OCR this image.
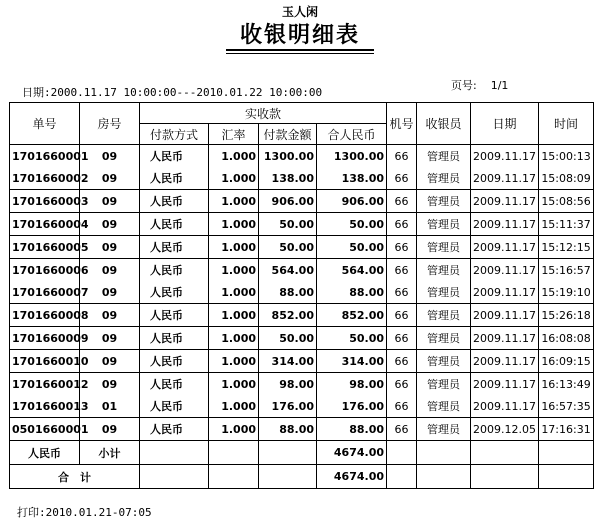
玉人闲
收银明细表
日期:2000.11.17 10:00:00---2010.01.22 10:00:00
页号: 1/1
单号	房号	实收款				机号	收银员	日期	时间
		付款方式	汇率	付款金额	合人民币				
1701660001	09	人民币	1.000	1300.00	1300.00	66	管理员	2009.11.17	15:00:13
1701660002	09	人民币	1.000	138.00	138.00	66	管理员	2009.11.17	15:08:09
1701660003	09	人民币	1.000	906.00	906.00	66	管理员	2009.11.17	15:08:56
1701660004	09	人民币	1.000	50.00	50.00	66	管理员	2009.11.17	15:11:37
1701660005	09	人民币	1.000	50.00	50.00	66	管理员	2009.11.17	15:12:15
1701660006	09	人民币	1.000	564.00	564.00	66	管理员	2009.11.17	15:16:57
1701660007	09	人民币	1.000	88.00	88.00	66	管理员	2009.11.17	15:19:10
1701660008	09	人民币	1.000	852.00	852.00	66	管理员	2009.11.17	15:26:18
1701660009	09	人民币	1.000	50.00	50.00	66	管理员	2009.11.17	16:08:08
1701660010	09	人民币	1.000	314.00	314.00	66	管理员	2009.11.17	16:09:15
1701660012	09	人民币	1.000	98.00	98.00	66	管理员	2009.11.17	16:13:49
1701660013	01	人民币	1.000	176.00	176.00	66	管理员	2009.11.17	16:57:35
0501660001	09	人民币	1.000	88.00	88.00	66	管理员	2009.12.05	17:16:31
人民币	小计				4674.00				
合　计					4674.00				
打印:2010.01.21-07:05
